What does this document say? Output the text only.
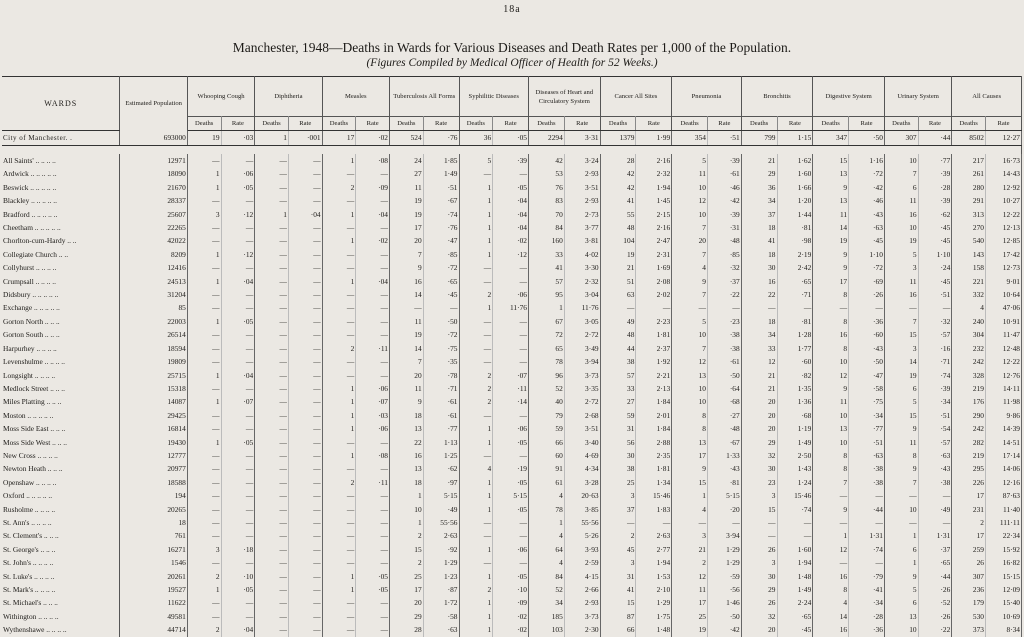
18a
Manchester, 1948—Deaths in Wards for Various Diseases and Death Rates per 1,000 of the Population.
(Figures Compiled by Medical Officer of Health for 52 Weeks.)
WARDS	Estimated Population	Whooping Cough		Diphtheria		Measles		Tuberculosis All Forms		Syphilitic Diseases		Diseases of Heart and Circulatory System		Cancer All Sites		Pneumonia		Bronchitis		Digestive System		Urinary System		All Causes	
		Deaths	Rate	Deaths	Rate	Deaths	Rate	Deaths	Rate	Deaths	Rate	Deaths	Rate	Deaths	Rate	Deaths	Rate	Deaths	Rate	Deaths	Rate	Deaths	Rate	Deaths	Rate
City of Manchester. .	693000	19	·03	1	·001	17	·02	524	·76	36	·05	2294	3·31	1379	1·99	354	·51	799	1·15	347	·50	307	·44	8502	12·27

All Saints' .. .. .. ..	12971	—	—	—	—	1	·08	24	1·85	5	·39	42	3·24	28	2·16	5	·39	21	1·62	15	1·16	10	·77	217	16·73
Ardwick .. .. .. .. ..	18090	1	·06	—	—	—	—	27	1·49	—	—	53	2·93	42	2·32	11	·61	29	1·60	13	·72	7	·39	261	14·43
Beswick .. .. .. .. ..	21670	1	·05	—	—	2	·09	11	·51	1	·05	76	3·51	42	1·94	10	·46	36	1·66	9	·42	6	·28	280	12·92
Blackley .. .. .. .. ..	28337	—	—	—	—	—	—	19	·67	1	·04	83	2·93	41	1·45	12	·42	34	1·20	13	·46	11	·39	291	10·27
Bradford .. .. .. .. ..	25607	3	·12	1	·04	1	·04	19	·74	1	·04	70	2·73	55	2·15	10	·39	37	1·44	11	·43	16	·62	313	12·22
Cheetham .. .. .. .. ..	22265	—	—	—	—	—	—	17	·76	1	·04	84	3·77	48	2·16	7	·31	18	·81	14	·63	10	·45	270	12·13
Chorlton-cum-Hardy .. ..	42022	—	—	—	—	1	·02	20	·47	1	·02	160	3·81	104	2·47	20	·48	41	·98	19	·45	19	·45	540	12·85
Collegiate Church .. ..	8209	1	·12	—	—	—	—	7	·85	1	·12	33	4·02	19	2·31	7	·85	18	2·19	9	1·10	5	1·10	143	17·42
Collyhurst .. .. .. ..	12416	—	—	—	—	—	—	9	·72	—	—	41	3·30	21	1·69	4	·32	30	2·42	9	·72	3	·24	158	12·73
Crumpsall .. .. .. ..	24513	1	·04	—	—	1	·04	16	·65	—	—	57	2·32	51	2·08	9	·37	16	·65	17	·69	11	·45	221	9·01
Didsbury .. .. .. .. ..	31204	—	—	—	—	—	—	14	·45	2	·06	95	3·04	63	2·02	7	·22	22	·71	8	·26	16	·51	332	10·64
Exchange .. .. .. .. ..	85	—	—	—	—	—	—	—	—	1	11·76	1	11·76	—	—	—	—	—	—	—	—	—	—	4	47·06
Gorton North .. .. ..	22003	1	·05	—	—	—	—	11	·50	—	—	67	3·05	49	2·23	5	·23	18	·81	8	·36	7	·32	240	10·91
Gorton South .. .. ..	26514	—	—	—	—	—	—	19	·72	—	—	72	2·72	48	1·81	10	·38	34	1·28	16	·60	15	·57	304	11·47
Harpurhey .. .. .. ..	18594	—	—	—	—	2	·11	14	·75	—	—	65	3·49	44	2·37	7	·38	33	1·77	8	·43	3	·16	232	12·48
Levenshulme .. .. .. ..	19809	—	—	—	—	—	—	7	·35	—	—	78	3·94	38	1·92	12	·61	12	·60	10	·50	14	·71	242	12·22
Longsight .. .. .. ..	25715	1	·04	—	—	—	—	20	·78	2	·07	96	3·73	57	2·21	13	·50	21	·82	12	·47	19	·74	328	12·76
Medlock Street .. .. ..	15318	—	—	—	—	1	·06	11	·71	2	·11	52	3·35	33	2·13	10	·64	21	1·35	9	·58	6	·39	219	14·11
Miles Platting .. .. ..	14087	1	·07	—	—	1	·07	9	·61	2	·14	40	2·72	27	1·84	10	·68	20	1·36	11	·75	5	·34	176	11·98
Moston .. .. .. .. ..	29425	—	—	—	—	1	·03	18	·61	—	—	79	2·68	59	2·01	8	·27	20	·68	10	·34	15	·51	290	9·86
Moss Side East .. .. ..	16814	—	—	—	—	1	·06	13	·77	1	·06	59	3·51	31	1·84	8	·48	20	1·19	13	·77	9	·54	242	14·39
Moss Side West .. .. ..	19430	1	·05	—	—	—	—	22	1·13	1	·05	66	3·40	56	2·88	13	·67	29	1·49	10	·51	11	·57	282	14·51
New Cross .. .. .. ..	12777	—	—	—	—	1	·08	16	1·25	—	—	60	4·69	30	2·35	17	1·33	32	2·50	8	·63	8	·63	219	17·14
Newton Heath .. .. ..	20977	—	—	—	—	—	—	13	·62	4	·19	91	4·34	38	1·81	9	·43	30	1·43	8	·38	9	·43	295	14·06
Openshaw .. .. .. ..	18588	—	—	—	—	2	·11	18	·97	1	·05	61	3·28	25	1·34	15	·81	23	1·24	7	·38	7	·38	226	12·16
Oxford .. .. .. .. ..	194	—	—	—	—	—	—	1	5·15	1	5·15	4	20·63	3	15·46	1	5·15	3	15·46	—	—	—	—	17	87·63
Rusholme .. .. .. ..	20265	—	—	—	—	—	—	10	·49	1	·05	78	3·85	37	1·83	4	·20	15	·74	9	·44	10	·49	231	11·40
St. Ann's .. .. .. ..	18	—	—	—	—	—	—	1	55·56	—	—	1	55·56	—	—	—	—	—	—	—	—	—	—	2	111·11
St. Clement's .. .. ..	761	—	—	—	—	—	—	2	2·63	—	—	4	5·26	2	2·63	3	3·94	—	—	1	1·31	1	1·31	17	22·34
St. George's .. .. ..	16271	3	·18	—	—	—	—	15	·92	1	·06	64	3·93	45	2·77	21	1·29	26	1·60	12	·74	6	·37	259	15·92
St. John's .. .. .. ..	1546	—	—	—	—	—	—	2	1·29	—	—	4	2·59	3	1·94	2	1·29	3	1·94	—	—	1	·65	26	16·82
St. Luke's .. .. .. ..	20261	2	·10	—	—	1	·05	25	1·23	1	·05	84	4·15	31	1·53	12	·59	30	1·48	16	·79	9	·44	307	15·15
St. Mark's .. .. .. ..	19527	1	·05	—	—	1	·05	17	·87	2	·10	52	2·66	41	2·10	11	·56	29	1·49	8	·41	5	·26	236	12·09
St. Michael's .. .. ..	11622	—	—	—	—	—	—	20	1·72	1	·09	34	2·93	15	1·29	17	1·46	26	2·24	4	·34	6	·52	179	15·40
Withington .. .. .. ..	49581	—	—	—	—	—	—	29	·58	1	·02	185	3·73	87	1·75	25	·50	32	·65	14	·28	13	·26	530	10·69
Wythenshawe .. .. .. ..	44714	2	·04	—	—	—	—	28	·63	1	·02	103	2·30	66	1·48	19	·42	20	·45	16	·36	10	·22	373	8·34
